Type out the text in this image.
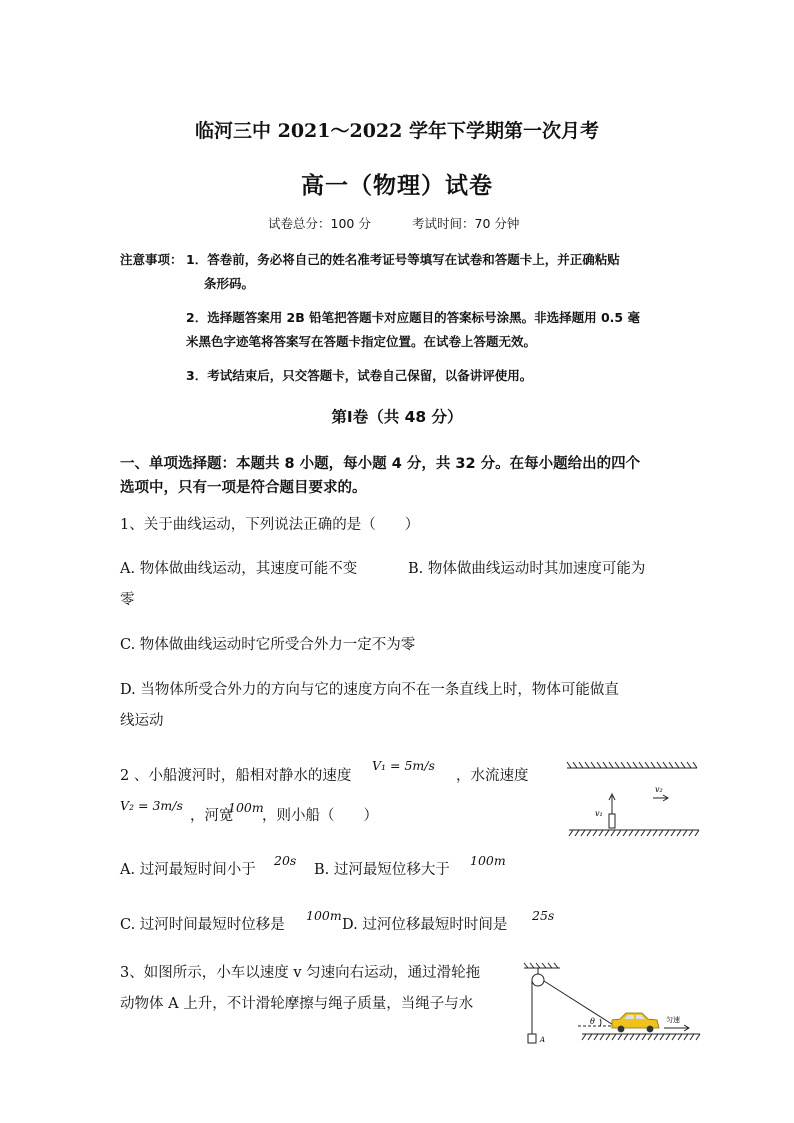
临河三中 2021～2022 学年下学期第一次月考
高一（物理）试卷
试卷总分：100 分	考试时间：70 分钟
注意事项： 1．答卷前，务必将自己的姓名准考证号等填写在试卷和答题卡上，并正确粘贴
条形码。
2．选择题答案用 2B 铅笔把答题卡对应题目的答案标号涂黑。非选择题用 0.5 毫
米黑色字迹笔将答案写在答题卡指定位置。在试卷上答题无效。
3．考试结束后，只交答题卡，试卷自己保留，以备讲评使用。
第Ⅰ卷（共 48 分）
一、单项选择题：本题共 8 小题，每小题 4 分，共 32 分。在每小题给出的四个
选项中，只有一项是符合题目要求的。
1、关于曲线运动，下列说法正确的是（　　）
A. 物体做曲线运动，其速度可能不变	B. 物体做曲线运动时其加速度可能为
零
C. 物体做曲线运动时它所受合外力一定不为零
D. 当物体所受合外力的方向与它的速度方向不在一条直线上时，物体可能做直
线运动
2 、小船渡河时，船相对静水的速度
V₁ = 5m/s
，水流速度
V₂ = 3m/s
，河宽
100m
，则小船（　　）
A. 过河最短时间小于
20s
B. 过河最短位移大于
100m
C. 过河时间最短时位移是
100m
D. 过河位移最短时时间是
25s
v₁
v₂
3、如图所示，小车以速度 v 匀速向右运动，通过滑轮拖
动物体 A 上升，不计滑轮摩擦与绳子质量，当绳子与水
θ
A
匀速
